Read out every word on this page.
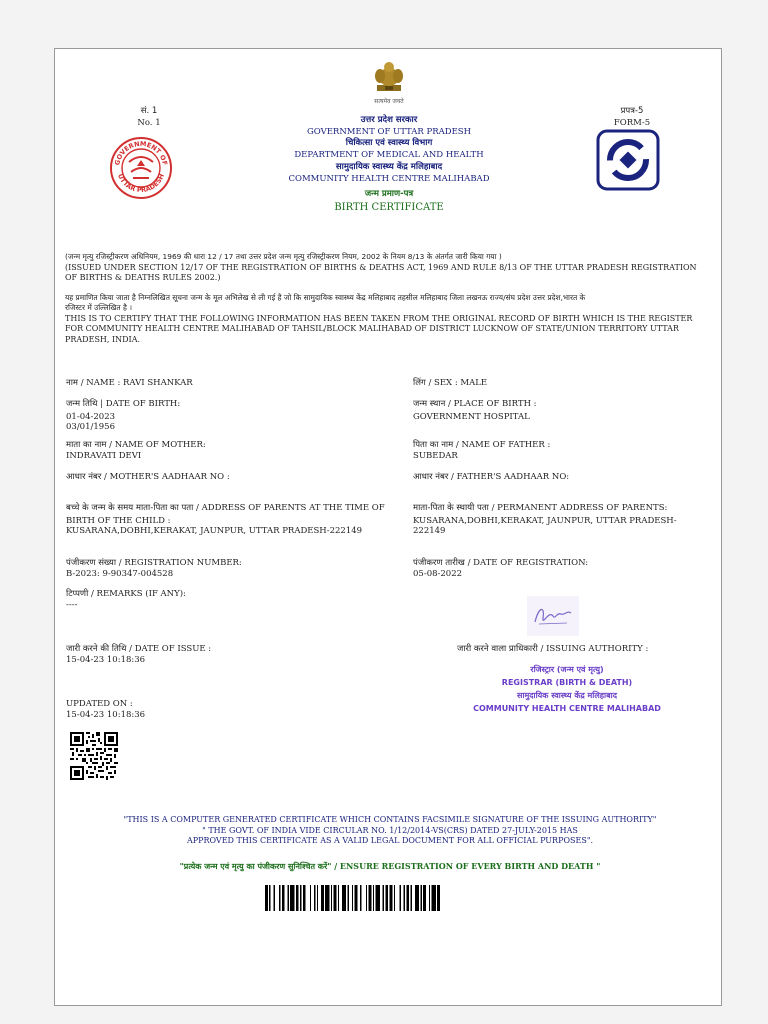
सत्यमेव जयते
सं. 1
No. 1
प्रपत्र-5
FORM-5
GOVERNMENT OF
UTTAR PRADESH
उत्तर प्रदेश सरकार
GOVERNMENT OF UTTAR PRADESH
चिकित्सा एवं स्वास्थ्य विभाग
DEPARTMENT OF MEDICAL AND HEALTH
सामुदायिक स्वास्थ्य केंद्र मलिहाबाद
COMMUNITY HEALTH CENTRE MALIHABAD
जन्म प्रमाण-पत्र
BIRTH CERTIFICATE
(जन्म मृत्यु रजिस्ट्रीकरण अधिनियम, 1969 की धारा 12 / 17 तथा उत्तर प्रदेश जन्म मृत्यु रजिस्ट्रीकरण नियम, 2002 के नियम 8/13 के अंतर्गत जारी किया गया )
(ISSUED UNDER SECTION 12/17 OF THE REGISTRATION OF BIRTHS & DEATHS ACT, 1969 AND RULE 8/13 OF THE UTTAR PRADESH REGISTRATION
OF BIRTHS & DEATHS RULES 2002.)
यह प्रमाणित किया जाता है निम्नलिखित सूचना जन्म के मूल अभिलेख से ली गई है जो कि सामुदायिक स्वास्थ्य केंद्र मलिहाबाद तहसील मलिहाबाद जिला लखनऊ राज्य/संघ प्रदेश उत्तर प्रदेश,भारत के
रजिस्टर में उल्लिखित है ।
THIS IS TO CERTIFY THAT THE FOLLOWING INFORMATION HAS BEEN TAKEN FROM THE ORIGINAL RECORD OF BIRTH WHICH IS THE REGISTER
FOR COMMUNITY HEALTH CENTRE MALIHABAD OF TAHSIL/BLOCK MALIHABAD OF DISTRICT LUCKNOW OF STATE/UNION TERRITORY UTTAR
PRADESH, INDIA.
नाम / NAME : RAVI SHANKAR
जन्म तिथि | DATE OF BIRTH:
01-04-2023
03/01/1956
माता का नाम / NAME OF MOTHER:
INDRAVATI DEVI
आधार नंबर / MOTHER'S AADHAAR NO :
बच्चे के जन्म के समय माता-पिता का पता / ADDRESS OF PARENTS AT THE TIME OF
BIRTH OF THE CHILD :
KUSARANA,DOBHI,KERAKAT, JAUNPUR, UTTAR PRADESH-222149
पंजीकरण संख्या / REGISTRATION NUMBER:
B-2023: 9-90347-004528
टिप्पणी / REMARKS (IF ANY):
----
जारी करने की तिथि / DATE OF ISSUE :
15-04-23 10:18:36
UPDATED ON :
15-04-23 10:18:36
लिंग / SEX : MALE
जन्म स्थान / PLACE OF BIRTH :
GOVERNMENT HOSPITAL
पिता का नाम / NAME OF FATHER :
SUBEDAR
आधार नंबर / FATHER'S AADHAAR NO:
माता-पिता के स्थायी पता / PERMANENT ADDRESS OF PARENTS:
KUSARANA,DOBHI,KERAKAT, JAUNPUR, UTTAR PRADESH-
222149
पंजीकरण तारीख / DATE OF REGISTRATION:
05-08-2022
जारी करने वाला प्राधिकारी / ISSUING AUTHORITY :
रजिस्ट्रार (जन्म एवं मृत्यु)
REGISTRAR (BIRTH & DEATH)
सामुदायिक स्वास्थ्य केंद्र मलिहाबाद
COMMUNITY HEALTH CENTRE MALIHABAD
"THIS IS A COMPUTER GENERATED CERTIFICATE WHICH CONTAINS FACSIMILE SIGNATURE OF THE ISSUING AUTHORITY"
" THE GOVT. OF INDIA VIDE CIRCULAR NO. 1/12/2014-VS(CRS) DATED 27-JULY-2015 HAS
APPROVED THIS CERTIFICATE AS A VALID LEGAL DOCUMENT FOR ALL OFFICIAL PURPOSES".
"प्रत्येक जन्म एवं मृत्यु का पंजीकरण सुनिश्चित करें" / ENSURE REGISTRATION OF EVERY BIRTH AND DEATH "
